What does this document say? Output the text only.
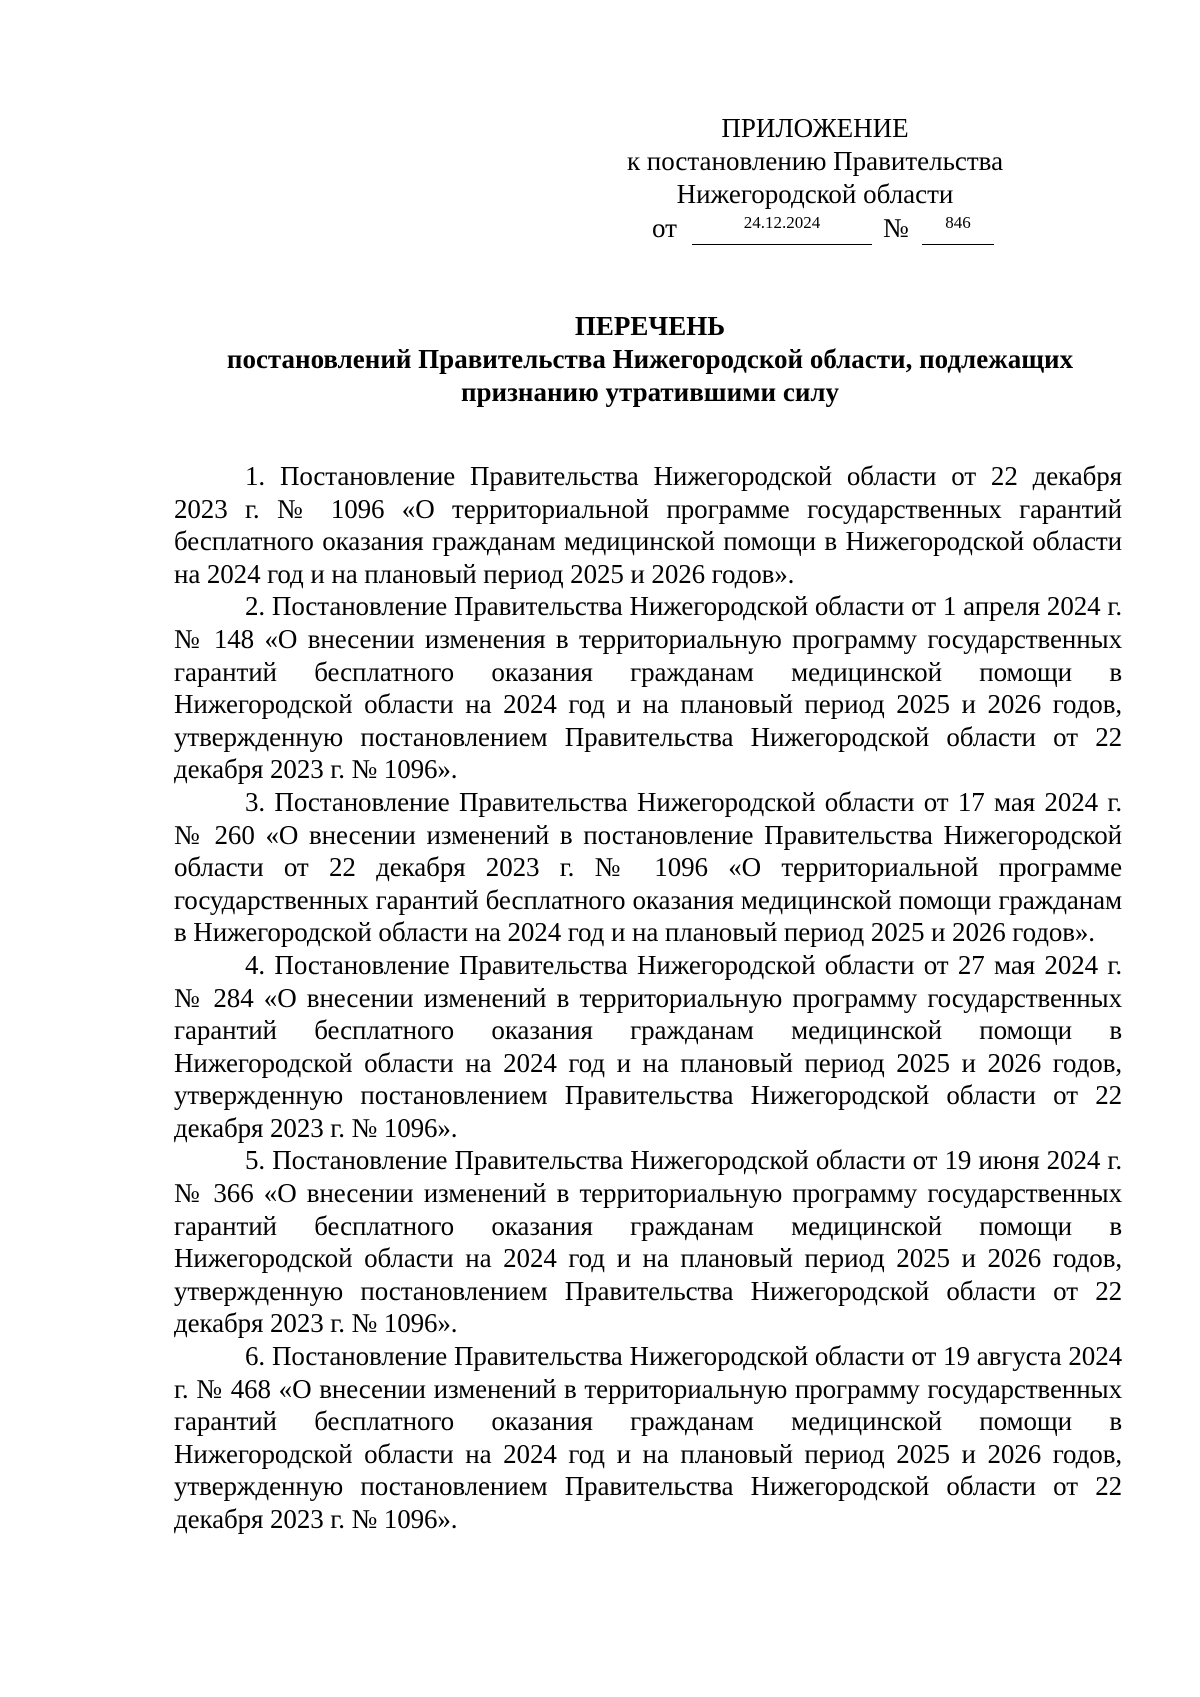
ПРИЛОЖЕНИЕ
к постановлению Правительства
Нижегородской области
от	24.12.2024	№	846
ПЕРЕЧЕНЬ
постановлений Правительства Нижегородской области, подлежащих
признанию утратившими силу

1. Постановление Правительства Нижегородской области от 22 декабря 2023 г. № 1096 «О территориальной программе государственных гарантий бесплатного оказания гражданам медицинской помощи в Нижегородской области на 2024 год и на плановый период 2025 и 2026 годов».

2. Постановление Правительства Нижегородской области от 1 апреля 2024 г. № 148 «О внесении изменения в территориальную программу государственных гарантий бесплатного оказания гражданам медицинской помощи в Нижегородской области на 2024 год и на плановый период 2025 и 2026 годов, утвержденную постановлением Правительства Нижегородской области от 22 декабря 2023 г. № 1096».

3. Постановление Правительства Нижегородской области от 17 мая 2024 г. № 260 «О внесении изменений в постановление Правительства Нижегородской области от 22 декабря 2023 г. № 1096 «О территориальной программе государственных гарантий бесплатного оказания медицинской помощи гражданам в Нижегородской области на 2024 год и на плановый период 2025 и 2026 годов».

4. Постановление Правительства Нижегородской области от 27 мая 2024 г. № 284 «О внесении изменений в территориальную программу государственных гарантий бесплатного оказания гражданам медицинской помощи в Нижегородской области на 2024 год и на плановый период 2025 и 2026 годов, утвержденную постановлением Правительства Нижегородской области от 22 декабря 2023 г. № 1096».

5. Постановление Правительства Нижегородской области от 19 июня 2024 г. № 366 «О внесении изменений в территориальную программу государственных гарантий бесплатного оказания гражданам медицинской помощи в Нижегородской области на 2024 год и на плановый период 2025 и 2026 годов, утвержденную постановлением Правительства Нижегородской области от 22 декабря 2023 г. № 1096».

6. Постановление Правительства Нижегородской области от 19 августа 2024 г. № 468 «О внесении изменений в территориальную программу государственных гарантий бесплатного оказания гражданам медицинской помощи в Нижегородской области на 2024 год и на плановый период 2025 и 2026 годов, утвержденную постановлением Правительства Нижегородской области от 22 декабря 2023 г. № 1096».
